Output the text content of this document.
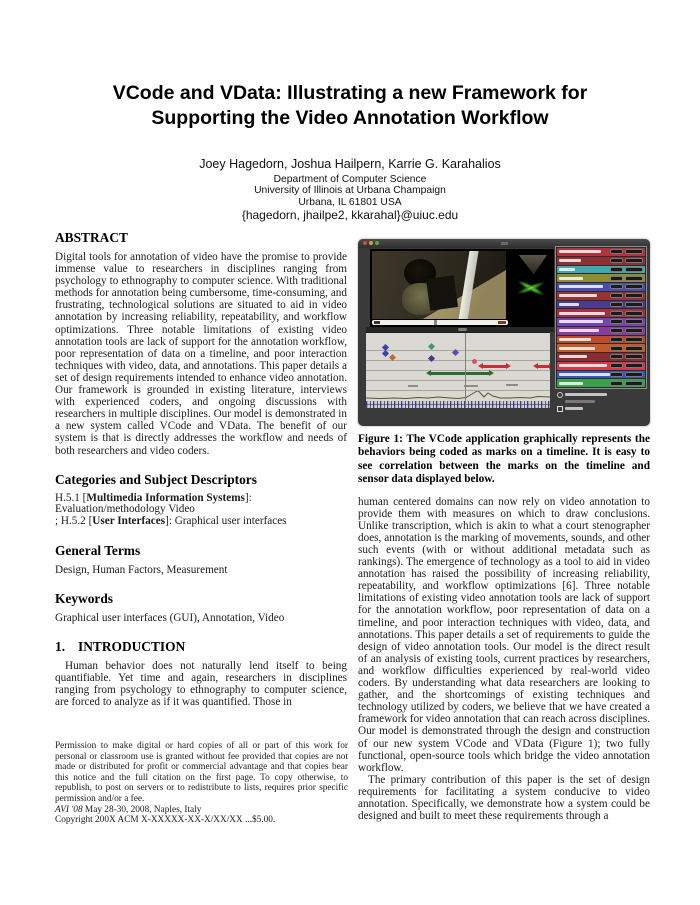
VCode and VData: Illustrating a new Framework for
Supporting the Video Annotation Workflow
Joey Hagedorn, Joshua Hailpern, Karrie G. Karahalios
Department of Computer Science
University of Illinois at Urbana Champaign
Urbana, IL 61801 USA
{hagedorn, jhailpe2, kkarahal}@uiuc.edu
ABSTRACT

Digital tools for annotation of video have the promise to provide immense value to researchers in disciplines ranging from psychology to ethnography to computer science. With traditional methods for annotation being cumbersome, time-consuming, and frustrating, technological solutions are situated to aid in video annotation by increasing reliability, repeatability, and workflow optimizations. Three notable limitations of existing video annotation tools are lack of support for the annotation workflow, poor representation of data on a timeline, and poor interaction techniques with video, data, and annotations. This paper details a set of design requirements intended to enhance video annotation. Our framework is grounded in existing literature, interviews with experienced coders, and ongoing discussions with researchers in multiple disciplines. Our model is demonstrated in a new system called VCode and VData. The benefit of our system is that is directly addresses the workflow and needs of both researchers and video coders.

Categories and Subject Descriptors
H.5.1 [Multimedia Information Systems]:
Evaluation/methodology Video
; H.5.2 [User Interfaces]: Graphical user interfaces
General Terms

Design, Human Factors, Measurement

Keywords

Graphical user interfaces (GUI), Annotation, Video

1. INTRODUCTION

Human behavior does not naturally lend itself to being quantifiable. Yet time and again, researchers in disciplines ranging from psychology to ethnography to computer science, are forced to analyze as if it was quantified. Those in

Permission to make digital or hard copies of all or part of this work for personal or classroom use is granted without fee provided that copies are not made or distributed for profit or commercial advantage and that copies bear this notice and the full citation on the first page. To copy otherwise, to republish, to post on servers or to redistribute to lists, requires prior specific permission and/or a fee.

AVI '08 May 28-30, 2008, Naples, Italy

Copyright 200X ACM X-XXXXX-XX-X/XX/XX ...$5.00.

Figure 1: The VCode application graphically represents the behaviors being coded as marks on a timeline. It is easy to see correlation between the marks on the timeline and sensor data displayed below.

human centered domains can now rely on video annotation to provide them with measures on which to draw conclusions. Unlike transcription, which is akin to what a court stenographer does, annotation is the marking of movements, sounds, and other such events (with or without additional metadata such as rankings). The emergence of technology as a tool to aid in video annotation has raised the possibility of increasing reliability, repeatability, and workflow optimizations [6]. Three notable limitations of existing video annotation tools are lack of support for the annotation workflow, poor representation of data on a timeline, and poor interaction techniques with video, data, and annotations. This paper details a set of requirements to guide the design of video annotation tools. Our model is the direct result of an analysis of existing tools, current practices by researchers, and workflow difficulties experienced by real-world video coders. By understanding what data researchers are looking to gather, and the shortcomings of existing techniques and technology utilized by coders, we believe that we have created a framework for video annotation that can reach across disciplines. Our model is demonstrated through the design and construction of our new system VCode and VData (Figure 1); two fully functional, open-source tools which bridge the video annotation workflow.

The primary contribution of this paper is the set of design requirements for facilitating a system conducive to video annotation. Specifically, we demonstrate how a system could be designed and built to meet these requirements through a
